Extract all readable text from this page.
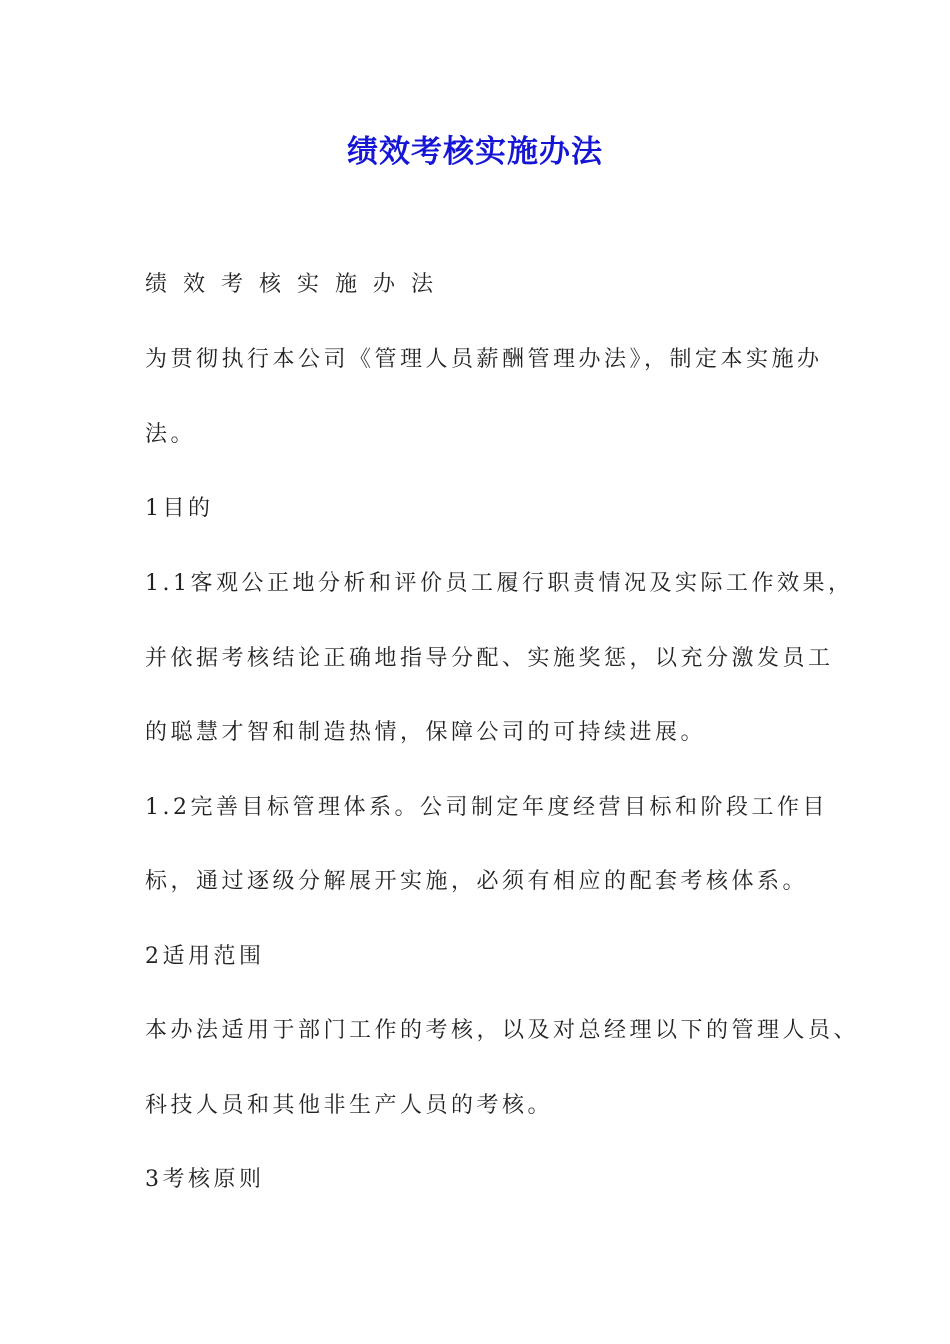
绩效考核实施办法

绩效考核实施办法

为贯彻执行本公司《管理人员薪酬管理办法》，制定本实施办

法。

1目的

1.1客观公正地分析和评价员工履行职责情况及实际工作效果，

并依据考核结论正确地指导分配、实施奖惩，以充分激发员工

的聪慧才智和制造热情，保障公司的可持续进展。

1.2完善目标管理体系。公司制定年度经营目标和阶段工作目

标，通过逐级分解展开实施，必须有相应的配套考核体系。

2适用范围

本办法适用于部门工作的考核，以及对总经理以下的管理人员、

科技人员和其他非生产人员的考核。

3考核原则
